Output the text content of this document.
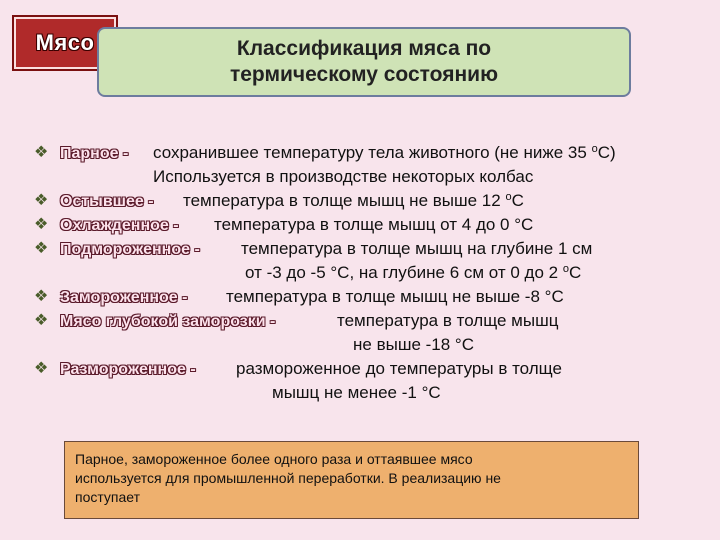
Мясо	Классификация мяса по
термическому состоянию
❖ Парное - сохранившее температуру тела животного (не ниже 35 $^о$С)
Используется в производстве некоторых колбас
❖ Остывшее - температура в толще мышц не выше 12 $^о$С
❖ Охлажденное - температура в толще мышц от 4 до 0 °С
❖ Подмороженное - температура в толще мышц на глубине 1 см
от -3 до -5 °С, на глубине 6 см от 0 до 2 $^о$С
❖ Замороженное - температура в толще мышц не выше -8 °С
❖ Мясо глубокой заморозки -	температура в толще мышц
не выше -18 °С
❖ Размороженное - размороженное до температуры в толще
мышц не менее -1 °С
Парное, замороженное более одного раза и оттаявшее мясо
используется для промышленной переработки. В реализацию не
поступает
